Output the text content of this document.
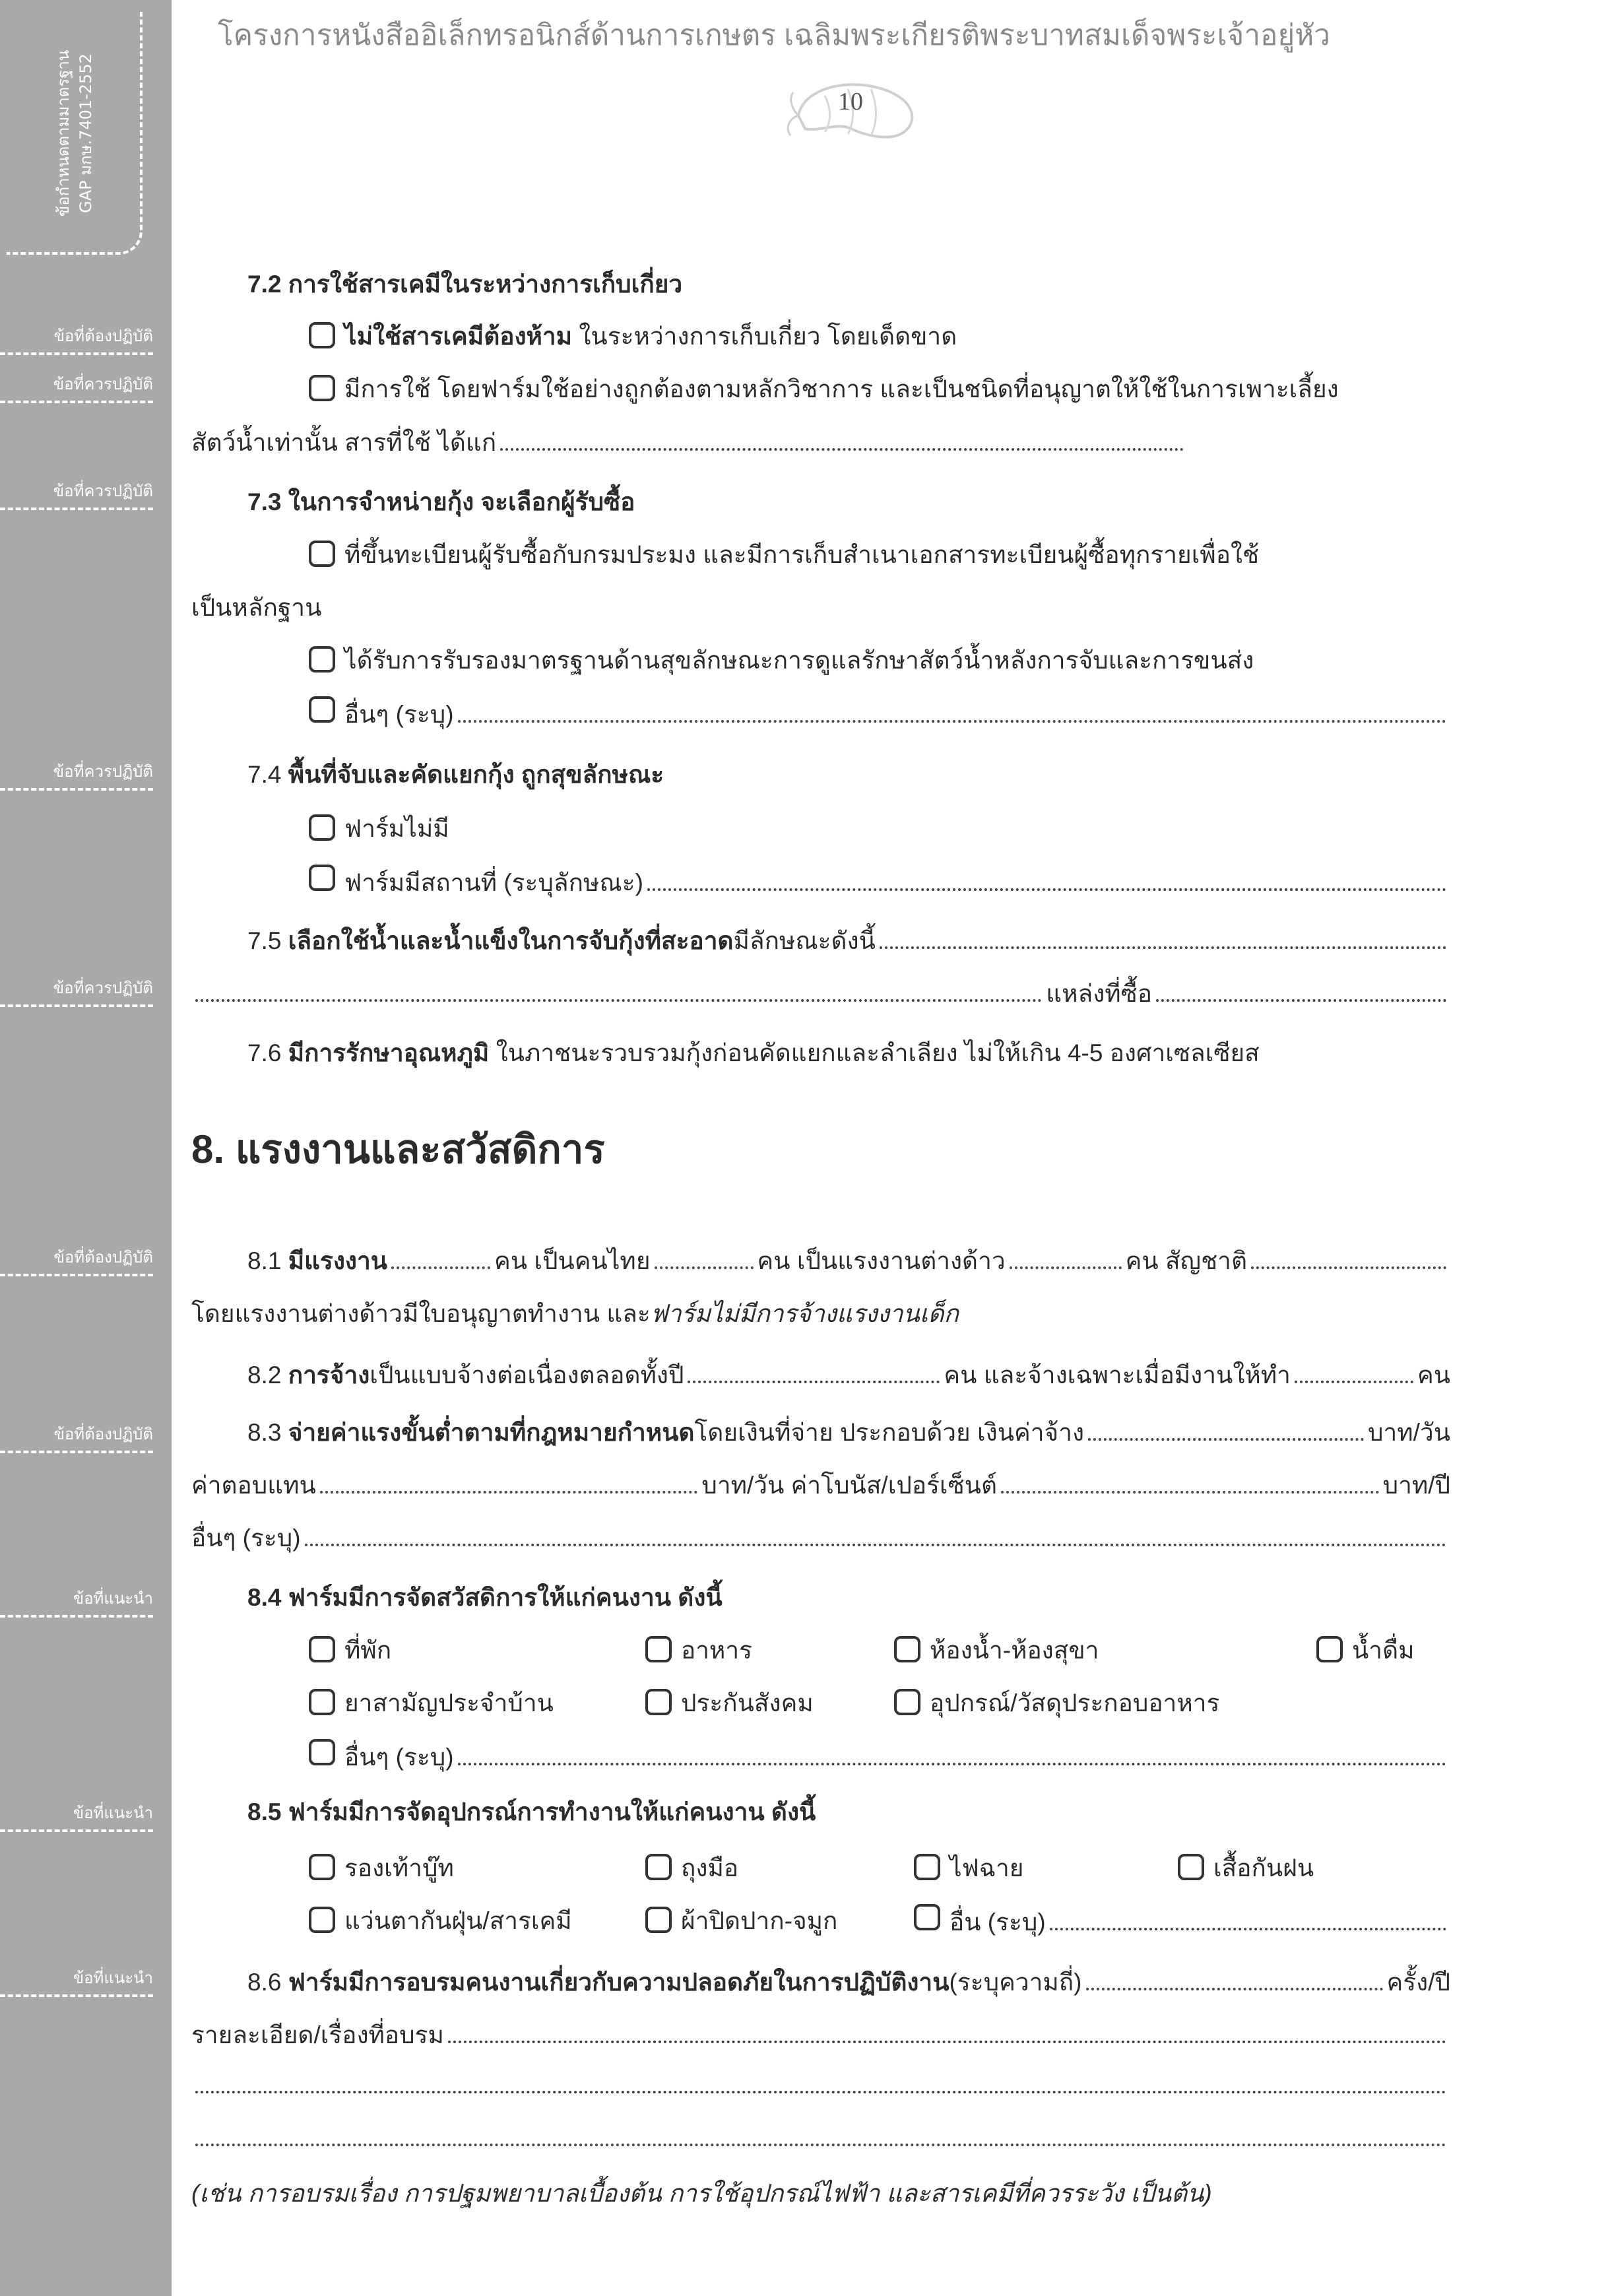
ข้อกำหนดตามมาตรฐาน GAP มกษ.7401-2552
ข้อที่ต้องปฏิบัติ
ข้อที่ควรปฏิบัติ
ข้อที่ควรปฏิบัติ
ข้อที่ควรปฏิบัติ
ข้อที่ควรปฏิบัติ
ข้อที่ต้องปฏิบัติ
ข้อที่ต้องปฏิบัติ
ข้อที่แนะนำ
ข้อที่แนะนำ
ข้อที่แนะนำ
โครงการหนังสืออิเล็กทรอนิกส์ด้านการเกษตร เฉลิมพระเกียรติพระบาทสมเด็จพระเจ้าอยู่หัว
10
7.2 การใช้สารเคมีในระหว่างการเก็บเกี่ยว
ไม่ใช้สารเคมีต้องห้าม ในระหว่างการเก็บเกี่ยว โดยเด็ดขาด
มีการใช้ โดยฟาร์มใช้อย่างถูกต้องตามหลักวิชาการ และเป็นชนิดที่อนุญาตให้ใช้ในการเพาะเลี้ยง
สัตว์น้ำเท่านั้น สารที่ใช้ ได้แก่
7.3 ในการจำหน่ายกุ้ง จะเลือกผู้รับซื้อ
ที่ขึ้นทะเบียนผู้รับซื้อกับกรมประมง และมีการเก็บสำเนาเอกสารทะเบียนผู้ซื้อทุกรายเพื่อใช้
เป็นหลักฐาน
ได้รับการรับรองมาตรฐานด้านสุขลักษณะการดูแลรักษาสัตว์น้ำหลังการจับและการขนส่ง
อื่นๆ (ระบุ)
7.4 พื้นที่จับและคัดแยกกุ้ง ถูกสุขลักษณะ
ฟาร์มไม่มี
ฟาร์มมีสถานที่ (ระบุลักษณะ)
7.5
เลือกใช้น้ำและน้ำแข็งในการจับกุ้งที่สะอาด มีลักษณะดังนี้
แหล่งที่ซื้อ
7.6 มีการรักษาอุณหภูมิ ในภาชนะรวบรวมกุ้งก่อนคัดแยกและลำเลียง ไม่ให้เกิน 4-5 องศาเซลเซียส
8. แรงงานและสวัสดิการ
8.1
มีแรงงาน	คน เป็นคนไทย	คน เป็นแรงงานต่างด้าว	คน สัญชาติ
โดยแรงงานต่างด้าวมีใบอนุญาตทำงาน และฟาร์มไม่มีการจ้างแรงงานเด็ก
8.2
การจ้าง เป็นแบบจ้างต่อเนื่องตลอดทั้งปี	คน และจ้างเฉพาะเมื่อมีงานให้ทำ	คน
8.3
จ่ายค่าแรงขั้นต่ำตามที่กฎหมายกำหนด โดยเงินที่จ่าย ประกอบด้วย เงินค่าจ้าง	บาท/วัน
ค่าตอบแทน	บาท/วัน ค่าโบนัส/เปอร์เซ็นต์	บาท/ปี
อื่นๆ (ระบุ)
8.4 ฟาร์มมีการจัดสวัสดิการให้แก่คนงาน ดังนี้
ที่พัก	อาหาร	ห้องน้ำ-ห้องสุขา	น้ำดื่ม
ยาสามัญประจำบ้าน	ประกันสังคม	อุปกรณ์/วัสดุประกอบอาหาร
อื่นๆ (ระบุ)
8.5 ฟาร์มมีการจัดอุปกรณ์การทำงานให้แก่คนงาน ดังนี้
รองเท้าบู๊ท	ถุงมือ	ไฟฉาย	เสื้อกันฝน
แว่นตากันฝุ่น/สารเคมี	ผ้าปิดปาก-จมูก	อื่น (ระบุ)
8.6
ฟาร์มมีการอบรมคนงานเกี่ยวกับความปลอดภัยในการปฏิบัติงาน (ระบุความถี่)	ครั้ง/ปี
รายละเอียด/เรื่องที่อบรม
(เช่น การอบรมเรื่อง การปฐมพยาบาลเบื้องต้น การใช้อุปกรณ์ไฟฟ้า และสารเคมีที่ควรระวัง เป็นต้น)
